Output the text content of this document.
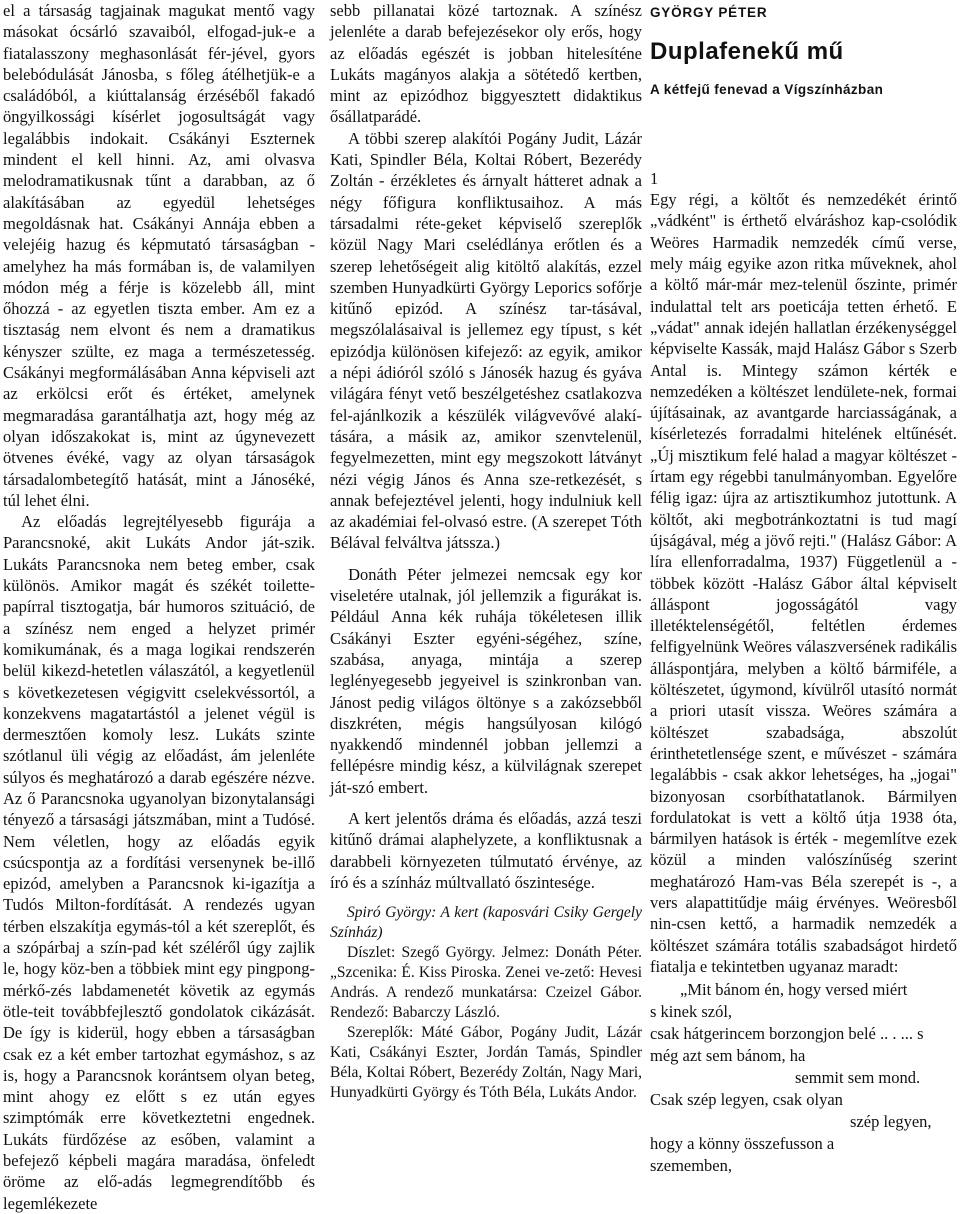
el a társaság tagjainak magukat mentő vagy másokat ócsárló szavaiból, elfogad-juk-e a fiatalasszony meghasonlását fér-jével, gyors belebódulását Jánosba, s főleg átélhetjük-e a családóból, a kiúttalanság érzéséből fakadó öngyilkossági kísérlet jogosultságát vagy legalábbis indokait. Csákányi Eszternek mindent el kell hinni. Az, ami olvasva melodramatikusnak tűnt a darabban, az ő alakításában az egyedül lehetséges megoldásnak hat. Csákányi Annája ebben a velejéig hazug és képmutató társaságban - amelyhez ha más formában is, de valamilyen módon még a férje is közelebb áll, mint őhozzá - az egyetlen tiszta ember. Am ez a tisztaság nem elvont és nem a dramatikus kényszer szülte, ez maga a természetesség. Csákányi megformálásában Anna képviseli azt az erkölcsi erőt és értéket, amelynek megmaradása garantálhatja azt, hogy még az olyan időszakokat is, mint az úgynevezett ötvenes évéké, vagy az olyan társaságok társadalombetegítő hatását, mint a Jánoséké, túl lehet élni.

Az előadás legrejtélyesebb figurája a Parancsnoké, akit Lukáts Andor ját-szik. Lukáts Parancsnoka nem beteg ember, csak különös. Amikor magát és székét toilette-papírral tisztogatja, bár humoros szituáció, de a színész nem enged a helyzet primér komikumának, és a maga logikai rendszerén belül kikezd-hetetlen válaszától, a kegyetlenül s következetesen végigvitt cselekvéssortól, a konzekvens magatartástól a jelenet végül is dermesztően komoly lesz. Lukáts szinte szótlanul üli végig az előadást, ám jelenléte súlyos és meghatározó a darab egészére nézve. Az ő Parancsnoka ugyanolyan bizonytalansági tényező a társasági játszmában, mint a Tudósé. Nem véletlen, hogy az előadás egyik csúcspontja az a fordítási versenynek be-illő epizód, amelyben a Parancsnok ki-igazítja a Tudós Milton-fordítását. A rendezés ugyan térben elszakítja egymás-tól a két szereplőt, és a szópárbaj a szín-pad két széléről úgy zajlik le, hogy köz-ben a többiek mint egy pingpong-mérkő-zés labdamenetét követik az egymás ötle-teit továbbfejlesztő gondolatok cikázását. De így is kiderül, hogy ebben a társaságban csak ez a két ember tartozhat egymáshoz, s az is, hogy a Parancsnok korántsem olyan beteg, mint ahogy ez előtt s ez után egyes szimptómák erre következtetni engednek. Lukáts fürdőzése az esőben, valamint a befejező képbeli magára maradása, önfeledt öröme az elő-adás legmegrendítőbb és legemlékezete

sebb pillanatai közé tartoznak. A színész jelenléte a darab befejezésekor oly erős, hogy az előadás egészét is jobban hitelesíténe Lukáts magányos alakja a sötétedő kertben, mint az epizódhoz biggyesztett didaktikus ősállatparádé.

A többi szerep alakítói Pogány Judit, Lázár Kati, Spindler Béla, Koltai Róbert, Bezerédy Zoltán - érzékletes és árnyalt hátteret adnak a négy főfigura konfliktusaihoz. A más társadalmi réte-geket képviselő szereplők közül Nagy Mari cselédlánya erőtlen és a szerep lehetőségeit alig kitöltő alakítás, ezzel szemben Hunyadkürti György Leporics sofőrje kitűnő epizód. A színész tar-tásával, megszólalásaival is jellemez egy típust, s két epizódja különösen kifejező: az egyik, amikor a népi ádióról szóló s Jánosék hazug és gyáva világára fényt vető beszélgetéshez csatlakozva fel-ajánlkozik a készülék világvevővé alakí-tására, a másik az, amikor szenvtelenül, fegyelmezetten, mint egy megszokott látványt nézi végig János és Anna sze-retkezését, s annak befejeztével jelenti, hogy indulniuk kell az akadémiai fel-olvasó estre. (A szerepet Tóth Bélával felváltva játssza.)

Donáth Péter jelmezei nemcsak egy kor viseletére utalnak, jól jellemzik a figurákat is. Például Anna kék ruhája tökéletesen illik Csákányi Eszter egyéni-ségéhez, színe, szabása, anyaga, mintája a szerep leglényegesebb jegyeivel is szinkronban van. Jánost pedig világos öltönye s a zakózsebből diszkréten, mégis hangsúlyosan kilógó nyakkendő mindennél jobban jellemzi a fellépésre mindig kész, a külvilágnak szerepet ját-szó embert.

A kert jelentős dráma és előadás, azzá teszi kitűnő drámai alaphelyzete, a konfliktusnak a darabbeli környezeten túlmutató érvénye, az író és a színház múltvallató őszintesége.

Spiró György: A kert (kaposvári Csiky Gergely Színház)

Díszlet: Szegő György. Jelmez: Donáth Péter. „Szcenika: É. Kiss Piroska. Zenei ve-zető: Hevesi András. A rendező munkatársa: Czeizel Gábor. Rendező: Babarczy László.

Szereplők: Máté Gábor, Pogány Judit, Lázár Kati, Csákányi Eszter, Jordán Tamás, Spindler Béla, Koltai Róbert, Bezerédy Zoltán, Nagy Mari, Hunyadkürti György és Tóth Béla, Lukáts Andor.

GYÖRGY PÉTER
Duplafenekű mű
A kétfejű fenevad a Vígszínházban
1

Egy régi, a költőt és nemzedékét érintő „vádként" is érthető elváráshoz kap-csolódik Weöres Harmadik nemzedék című verse, mely máig egyike azon ritka műveknek, ahol a költő már-már mez-telenül őszinte, primér indulattal telt ars poeticája tetten érhető. E „vádat" annak idején hallatlan érzékenységgel képviselte Kassák, majd Halász Gábor s Szerb Antal is. Mintegy számon kérték e nemzedéken a költészet lendülete-nek, formai újításainak, az avantgarde harciasságának, a kísérletezés forradalmi hitelének eltűnését. „Új misztikum felé halad a magyar költészet - írtam egy régebbi tanulmányomban. Egyelőre félig igaz: újra az artisztikumhoz jutottunk. A költőt, aki megbotránkoztatni is tud magí újságával, még a jövő rejti." (Halász Gábor: A líra ellenforradalma, 1937) Függetlenül a - többek között -Halász Gábor által képviselt álláspont jogosságától vagy illetéktelenségétől, feltétlen érdemes felfigyelnünk Weöres válaszversének radikális álláspontjára, melyben a költő bármiféle, a költészetet, úgymond, kívülről utasító normát a priori utasít vissza. Weöres számára a költészet szabadsága, abszolút érinthetetlensége szent, e művészet - számára legalábbis - csak akkor lehetséges, ha „jogai" bizonyosan csorbíthatatlanok. Bármilyen fordulatokat is vett a költő útja 1938 óta, bármilyen hatások is érték - megemlítve ezek közül a minden valószínűség szerint meghatározó Ham-vas Béla szerepét is -, a vers alapattitűdje máig érvényes. Weöresből nin-csen kettő, a harmadik nemzedék a költészet számára totális szabadságot hirdető fiatalja e tekintetben ugyanaz maradt:

„Mit bánom én, hogy versed miért
s kinek szól,
csak hátgerincem borzongjon belé .. . ... s
még azt sem bánom, ha
semmit sem mond.
Csak szép legyen, csak olyan
szép legyen,
hogy a könny összefusson a
szememben,
